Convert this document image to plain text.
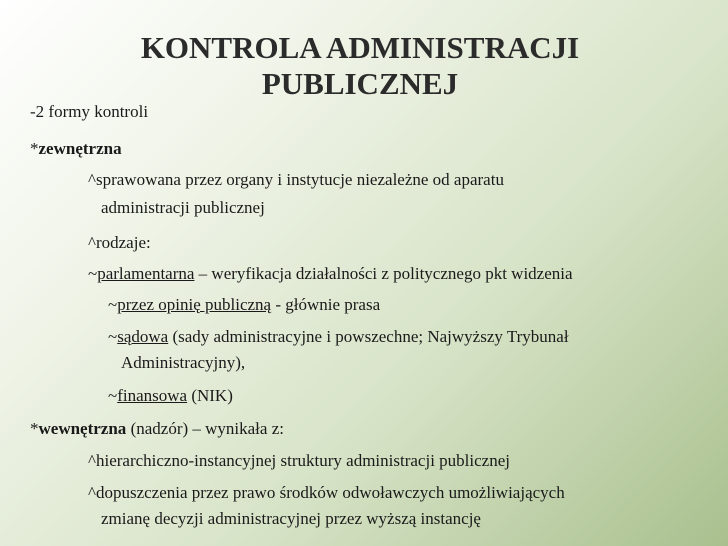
KONTROLA ADMINISTRACJI
PUBLICZNEJ
-2 formy kontroli
*zewnętrzna
^sprawowana przez organy i instytucje niezależne od aparatu
administracji publicznej
^rodzaje:
~parlamentarna – weryfikacja działalności z politycznego pkt widzenia
~przez opinię publiczną - głównie prasa
~sądowa (sady administracyjne i powszechne; Najwyższy Trybunał
Administracyjny),
~finansowa (NIK)
*wewnętrzna (nadzór) – wynikała z:
^hierarchiczno-instancyjnej struktury administracji publicznej
^dopuszczenia przez prawo środków odwoławczych umożliwiających
zmianę decyzji administracyjnej przez wyższą instancję
